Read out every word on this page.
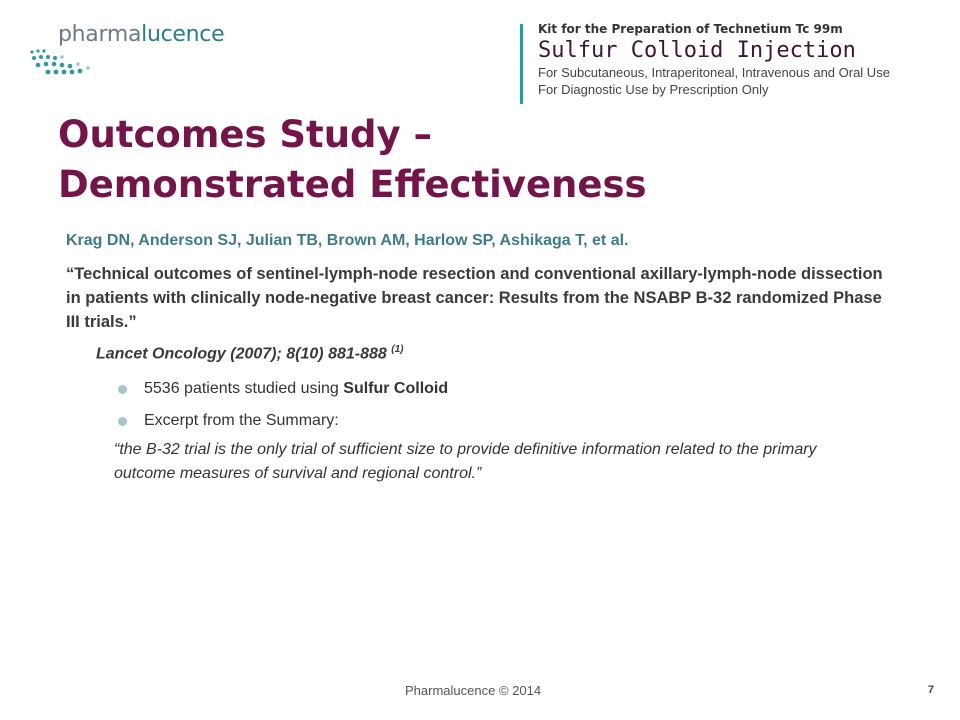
pharmalucence	Kit for the Preparation of Technetium Tc 99m
Sulfur Colloid Injection
For Subcutaneous, Intraperitoneal, Intravenous and Oral Use
For Diagnostic Use by Prescription Only
Outcomes Study –
Demonstrated Effectiveness
Krag DN, Anderson SJ, Julian TB, Brown AM, Harlow SP, Ashikaga T, et al.
“Technical outcomes of sentinel-lymph-node resection and conventional axillary-lymph-node dissection in patients with clinically node-negative breast cancer: Results from the NSABP B-32 randomized Phase III trials.”
Lancet Oncology (2007); 8(10) 881-888 $^{(1)}$
5536 patients studied using Sulfur Colloid
Excerpt from the Summary:
“the B-32 trial is the only trial of sufficient size to provide definitive information related to the primary outcome measures of survival and regional control.”
Pharmalucence © 2014	7
